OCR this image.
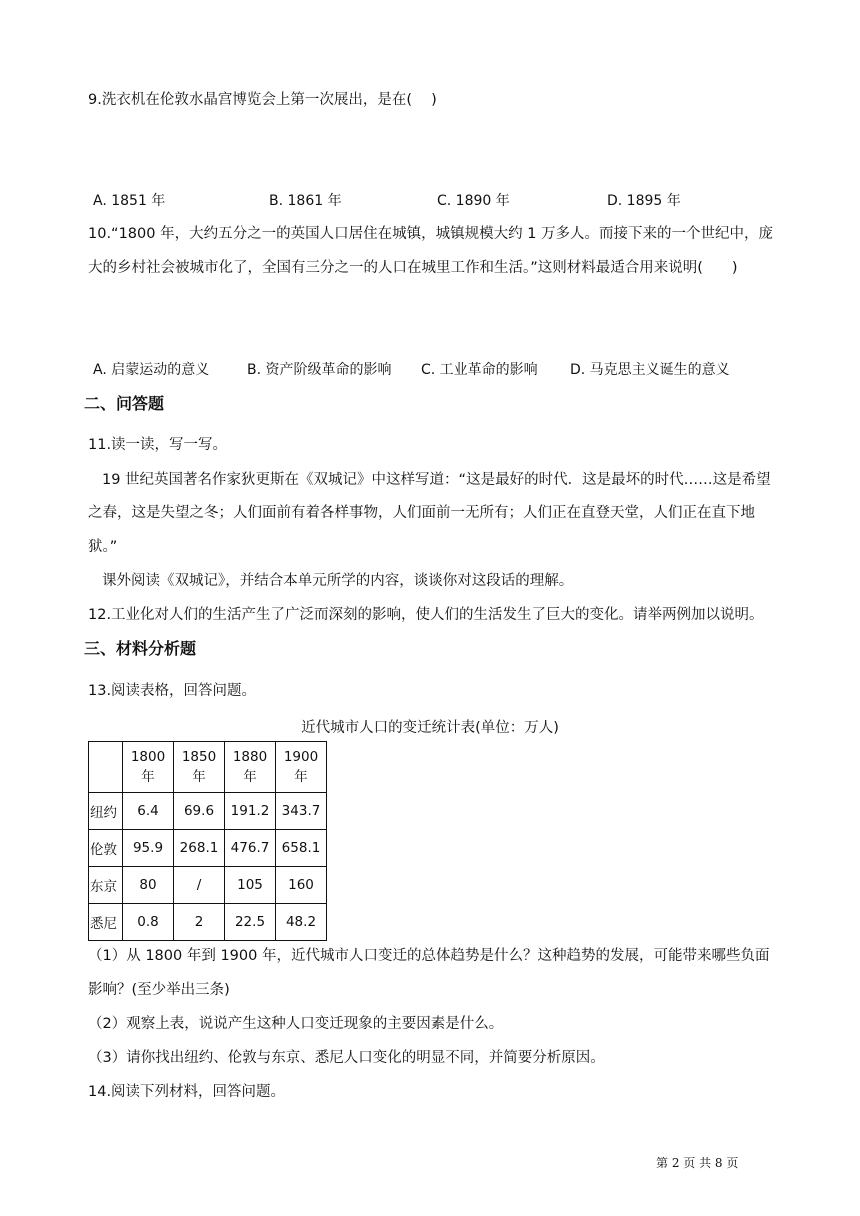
9.洗衣机在伦敦水晶宫博览会上第一次展出，是在(　 )
A. 1851 年	B. 1861 年	C. 1890 年	D. 1895 年
10.“1800 年，大约五分之一的英国人口居住在城镇，城镇规模大约 1 万多人。而接下来的一个世纪中，庞
大的乡村社会被城市化了，全国有三分之一的人口在城里工作和生活。”这则材料最适合用来说明(　　)
A. 启蒙运动的意义	B. 资产阶级革命的影响 C. 工业革命的影响 D. 马克思主义诞生的意义
二、问答题
11.读一读，写一写。
19 世纪英国著名作家狄更斯在《双城记》中这样写道：“这是最好的时代．这是最坏的时代……这是希望
之春，这是失望之冬；人们面前有着各样事物，人们面前一无所有；人们正在直登天堂，人们正在直下地
狱。”
课外阅读《双城记》，并结合本单元所学的内容，谈谈你对这段话的理解。
12.工业化对人们的生活产生了广泛而深刻的影响，使人们的生活发生了巨大的变化。请举两例加以说明。
三、材料分析题
13.阅读表格，回答问题。
近代城市人口的变迁统计表(单位：万人)
	1800 年	1850 年	1880 年	1900 年
纽约	6.4	69.6	191.2	343.7
伦敦	95.9	268.1	476.7	658.1
东京	80	/	105	160
悉尼	0.8	2	22.5	48.2
（1）从 1800 年到 1900 年，近代城市人口变迁的总体趋势是什么？这种趋势的发展，可能带来哪些负面
影响？(至少举出三条)
（2）观察上表，说说产生这种人口变迁现象的主要因素是什么。
（3）请你找出纽约、伦敦与东京、悉尼人口变化的明显不同，并简要分析原因。
14.阅读下列材料，回答问题。
第 2 页 共 8 页
